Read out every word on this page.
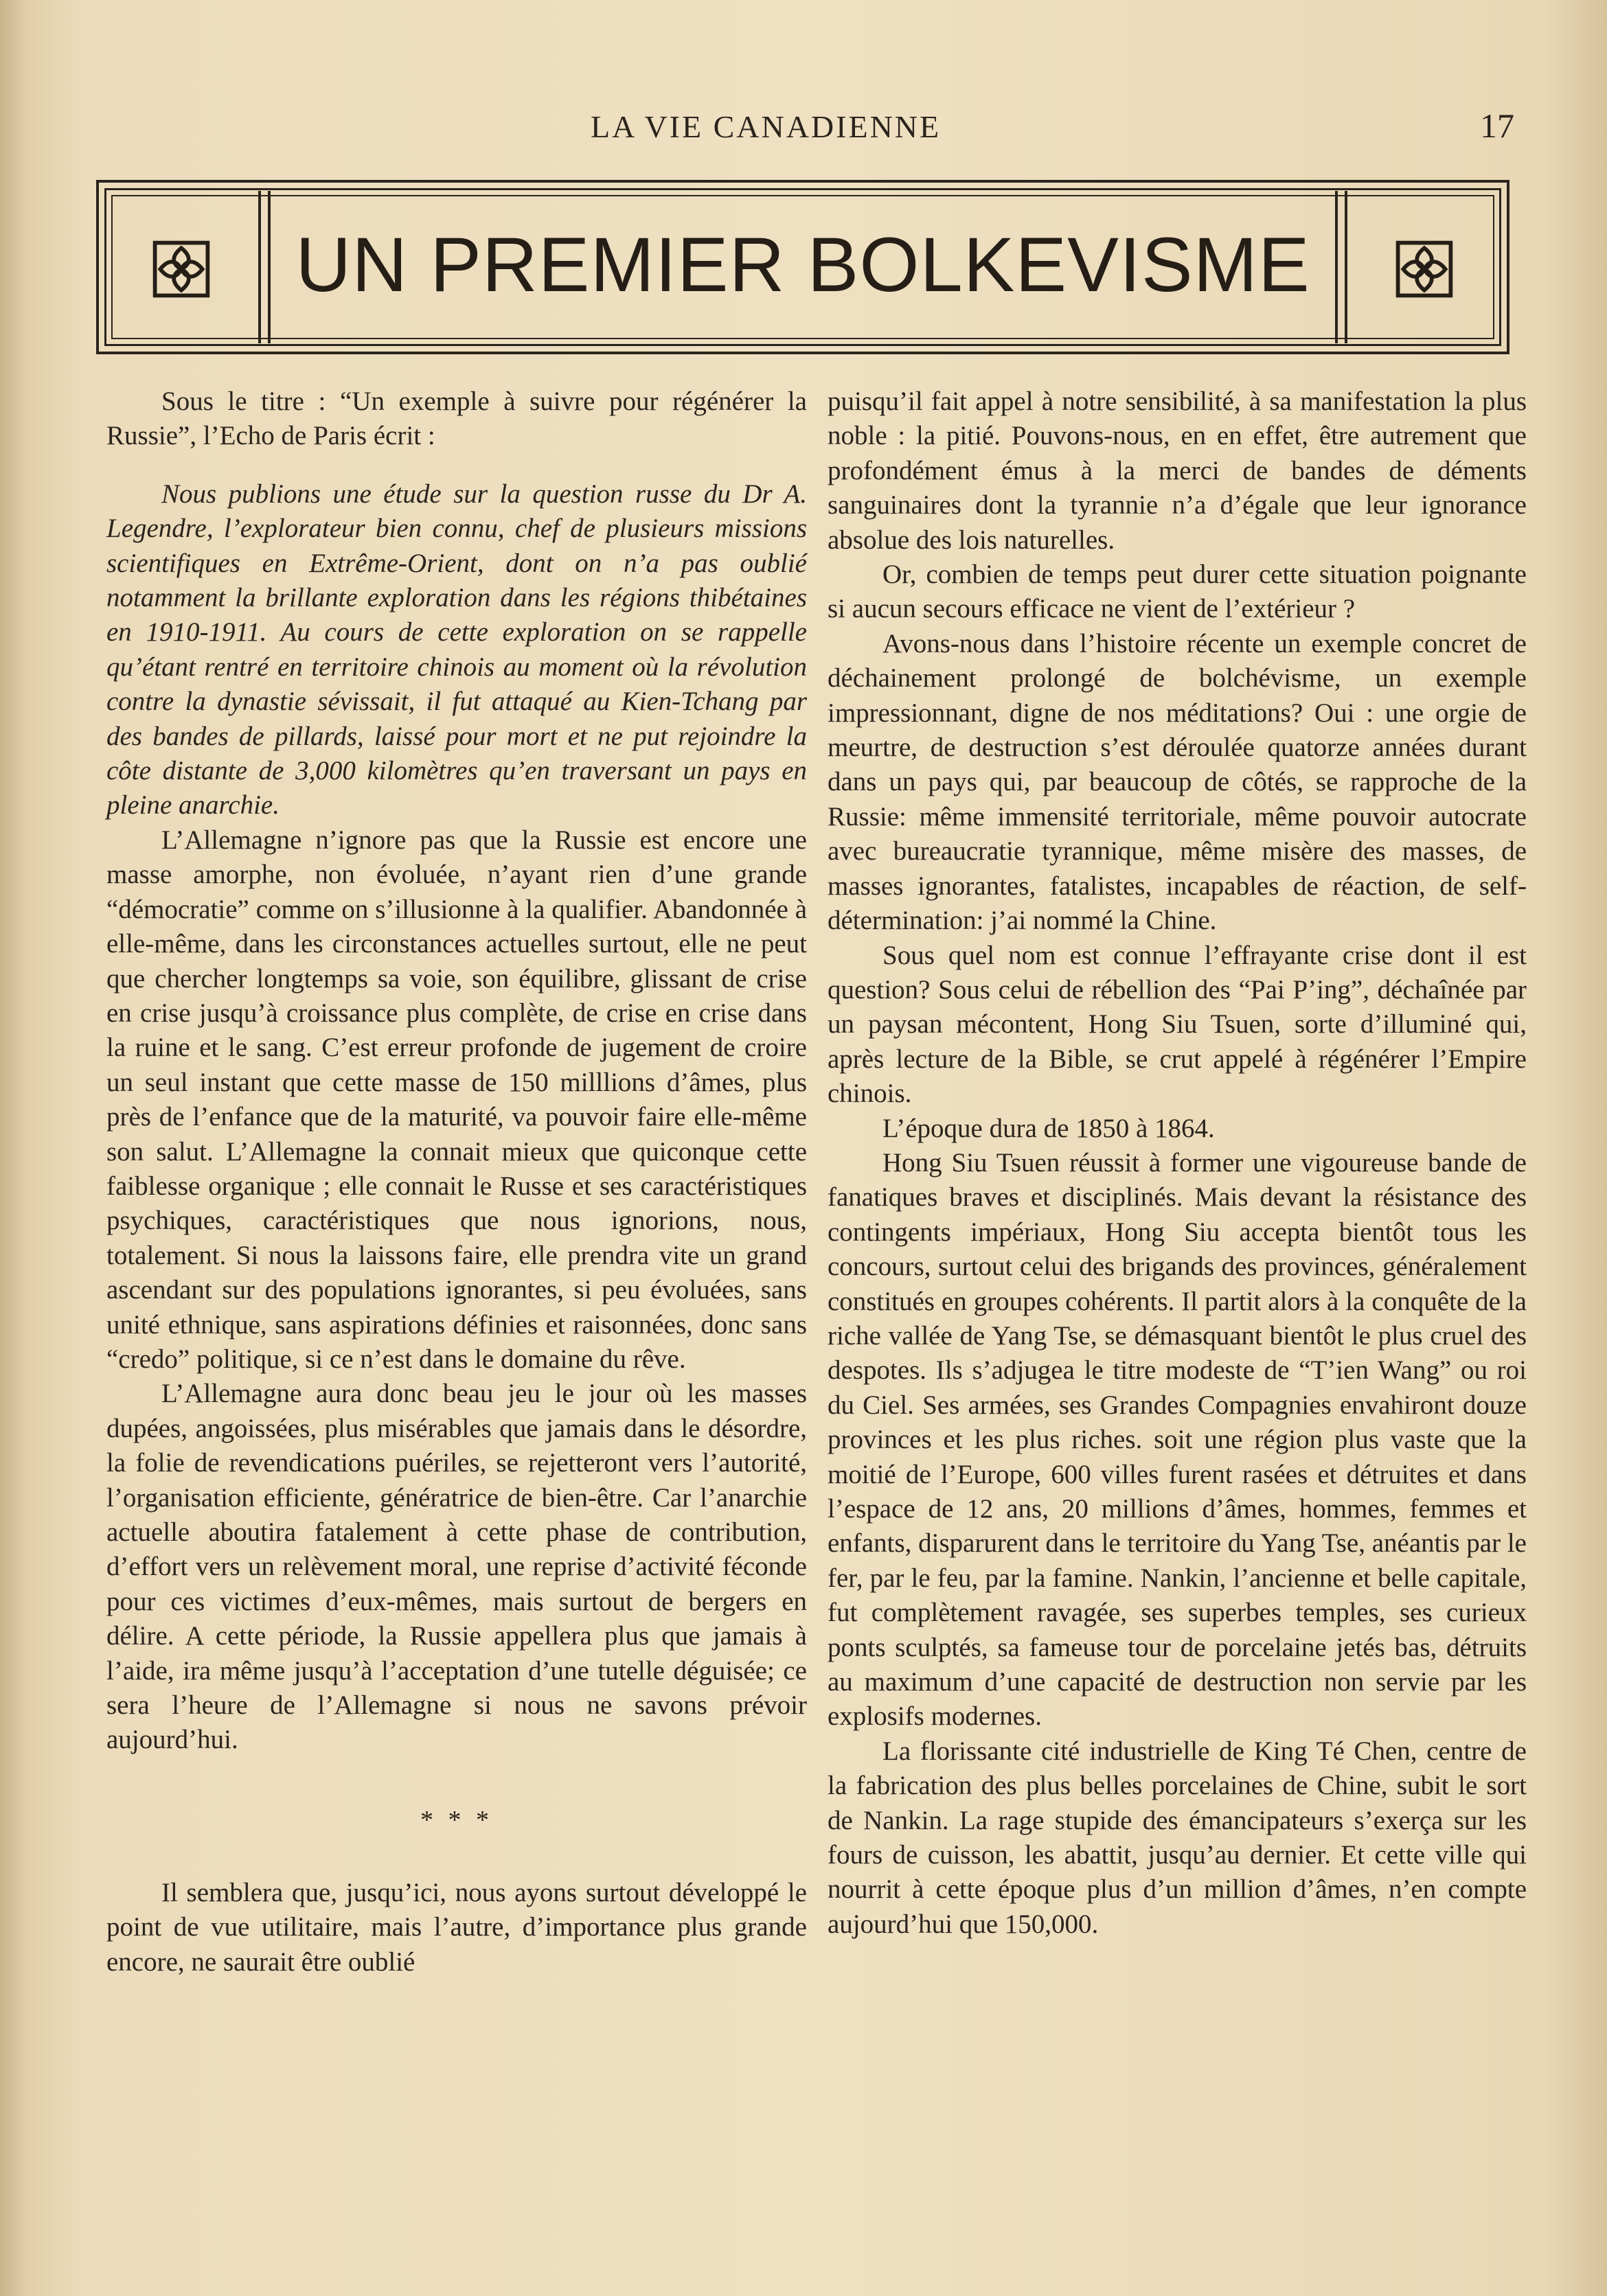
LA VIE CANADIENNE	17
UN PREMIER BOLKEVISME

Sous le titre : “Un exemple à suivre pour régénérer la Russie”, l’Echo de Paris écrit :

Nous publions une étude sur la question russe du Dr A. Legendre, l’explorateur bien connu, chef de plusieurs missions scientifiques en Extrême-Orient, dont on n’a pas oublié notamment la brillante exploration dans les régions thibétaines en 1910-1911. Au cours de cette exploration on se rappelle qu’étant rentré en territoire chinois au moment où la révolution contre la dynastie sévissait, il fut attaqué au Kien-Tchang par des bandes de pillards, laissé pour mort et ne put rejoindre la côte distante de 3,000 kilomètres qu’en traversant un pays en pleine anarchie.

L’Allemagne n’ignore pas que la Russie est encore une masse amorphe, non évoluée, n’ayant rien d’une grande “démocratie” comme on s’illusionne à la qualifier. Abandonnée à elle-même, dans les circonstances actuelles surtout, elle ne peut que chercher longtemps sa voie, son équilibre, glissant de crise en crise jusqu’à croissance plus complète, de crise en crise dans la ruine et le sang. C’est erreur profonde de jugement de croire un seul instant que cette masse de 150 milllions d’âmes, plus près de l’enfance que de la maturité, va pouvoir faire elle-même son salut. L’Allemagne la connait mieux que quiconque cette faiblesse organique ; elle connait le Russe et ses caractéristiques psychiques, caractéristiques que nous ignorions, nous, totalement. Si nous la laissons faire, elle prendra vite un grand ascendant sur des populations ignorantes, si peu évoluées, sans unité ethnique, sans aspirations définies et raisonnées, donc sans “credo” politique, si ce n’est dans le domaine du rêve.

L’Allemagne aura donc beau jeu le jour où les masses dupées, angoissées, plus misérables que jamais dans le désordre, la folie de revendications puériles, se rejetteront vers l’autorité, l’organisation efficiente, génératrice de bien-être. Car l’anarchie actuelle aboutira fatalement à cette phase de contribution, d’effort vers un relèvement moral, une reprise d’activité féconde pour ces victimes d’eux-mêmes, mais surtout de bergers en délire. A cette période, la Russie appellera plus que jamais à l’aide, ira même jusqu’à l’acceptation d’une tutelle déguisée; ce sera l’heure de l’Allemagne si nous ne savons prévoir aujourd’hui.

* * *

Il semblera que, jusqu’ici, nous ayons surtout développé le point de vue utilitaire, mais l’autre, d’importance plus grande encore, ne saurait être oublié

puisqu’il fait appel à notre sensibilité, à sa manifestation la plus noble : la pitié. Pouvons-nous, en en effet, être autrement que profondément émus à la merci de bandes de déments sanguinaires dont la tyrannie n’a d’égale que leur ignorance absolue des lois naturelles.

Or, combien de temps peut durer cette situation poignante si aucun secours efficace ne vient de l’extérieur ?

Avons-nous dans l’histoire récente un exemple concret de déchainement prolongé de bolchévisme, un exemple impressionnant, digne de nos méditations? Oui : une orgie de meurtre, de destruction s’est déroulée quatorze années durant dans un pays qui, par beaucoup de côtés, se rapproche de la Russie: même immensité territoriale, même pouvoir autocrate avec bureaucratie tyrannique, même misère des masses, de masses ignorantes, fatalistes, incapables de réaction, de self-détermination: j’ai nommé la Chine.

Sous quel nom est connue l’effrayante crise dont il est question? Sous celui de rébellion des “Pai P’ing”, déchaînée par un paysan mécontent, Hong Siu Tsuen, sorte d’illuminé qui, après lecture de la Bible, se crut appelé à régénérer l’Empire chinois.

L’époque dura de 1850 à 1864.

Hong Siu Tsuen réussit à former une vigoureuse bande de fanatiques braves et disciplinés. Mais devant la résistance des contingents impériaux, Hong Siu accepta bientôt tous les concours, surtout celui des brigands des provinces, généralement constitués en groupes cohérents. Il partit alors à la conquête de la riche vallée de Yang Tse, se démasquant bientôt le plus cruel des despotes. Ils s’adjugea le titre modeste de “T’ien Wang” ou roi du Ciel. Ses armées, ses Grandes Compagnies envahiront douze provinces et les plus riches. soit une région plus vaste que la moitié de l’Europe, 600 villes furent rasées et détruites et dans l’espace de 12 ans, 20 millions d’âmes, hommes, femmes et enfants, disparurent dans le territoire du Yang Tse, anéantis par le fer, par le feu, par la famine. Nankin, l’ancienne et belle capitale, fut complètement ravagée, ses superbes temples, ses curieux ponts sculptés, sa fameuse tour de porcelaine jetés bas, détruits au maximum d’une capacité de destruction non servie par les explosifs modernes.

La florissante cité industrielle de King Té Chen, centre de la fabrication des plus belles porcelaines de Chine, subit le sort de Nankin. La rage stupide des émancipateurs s’exerça sur les fours de cuisson, les abattit, jusqu’au dernier. Et cette ville qui nourrit à cette époque plus d’un million d’âmes, n’en compte aujourd’hui que 150,000.
